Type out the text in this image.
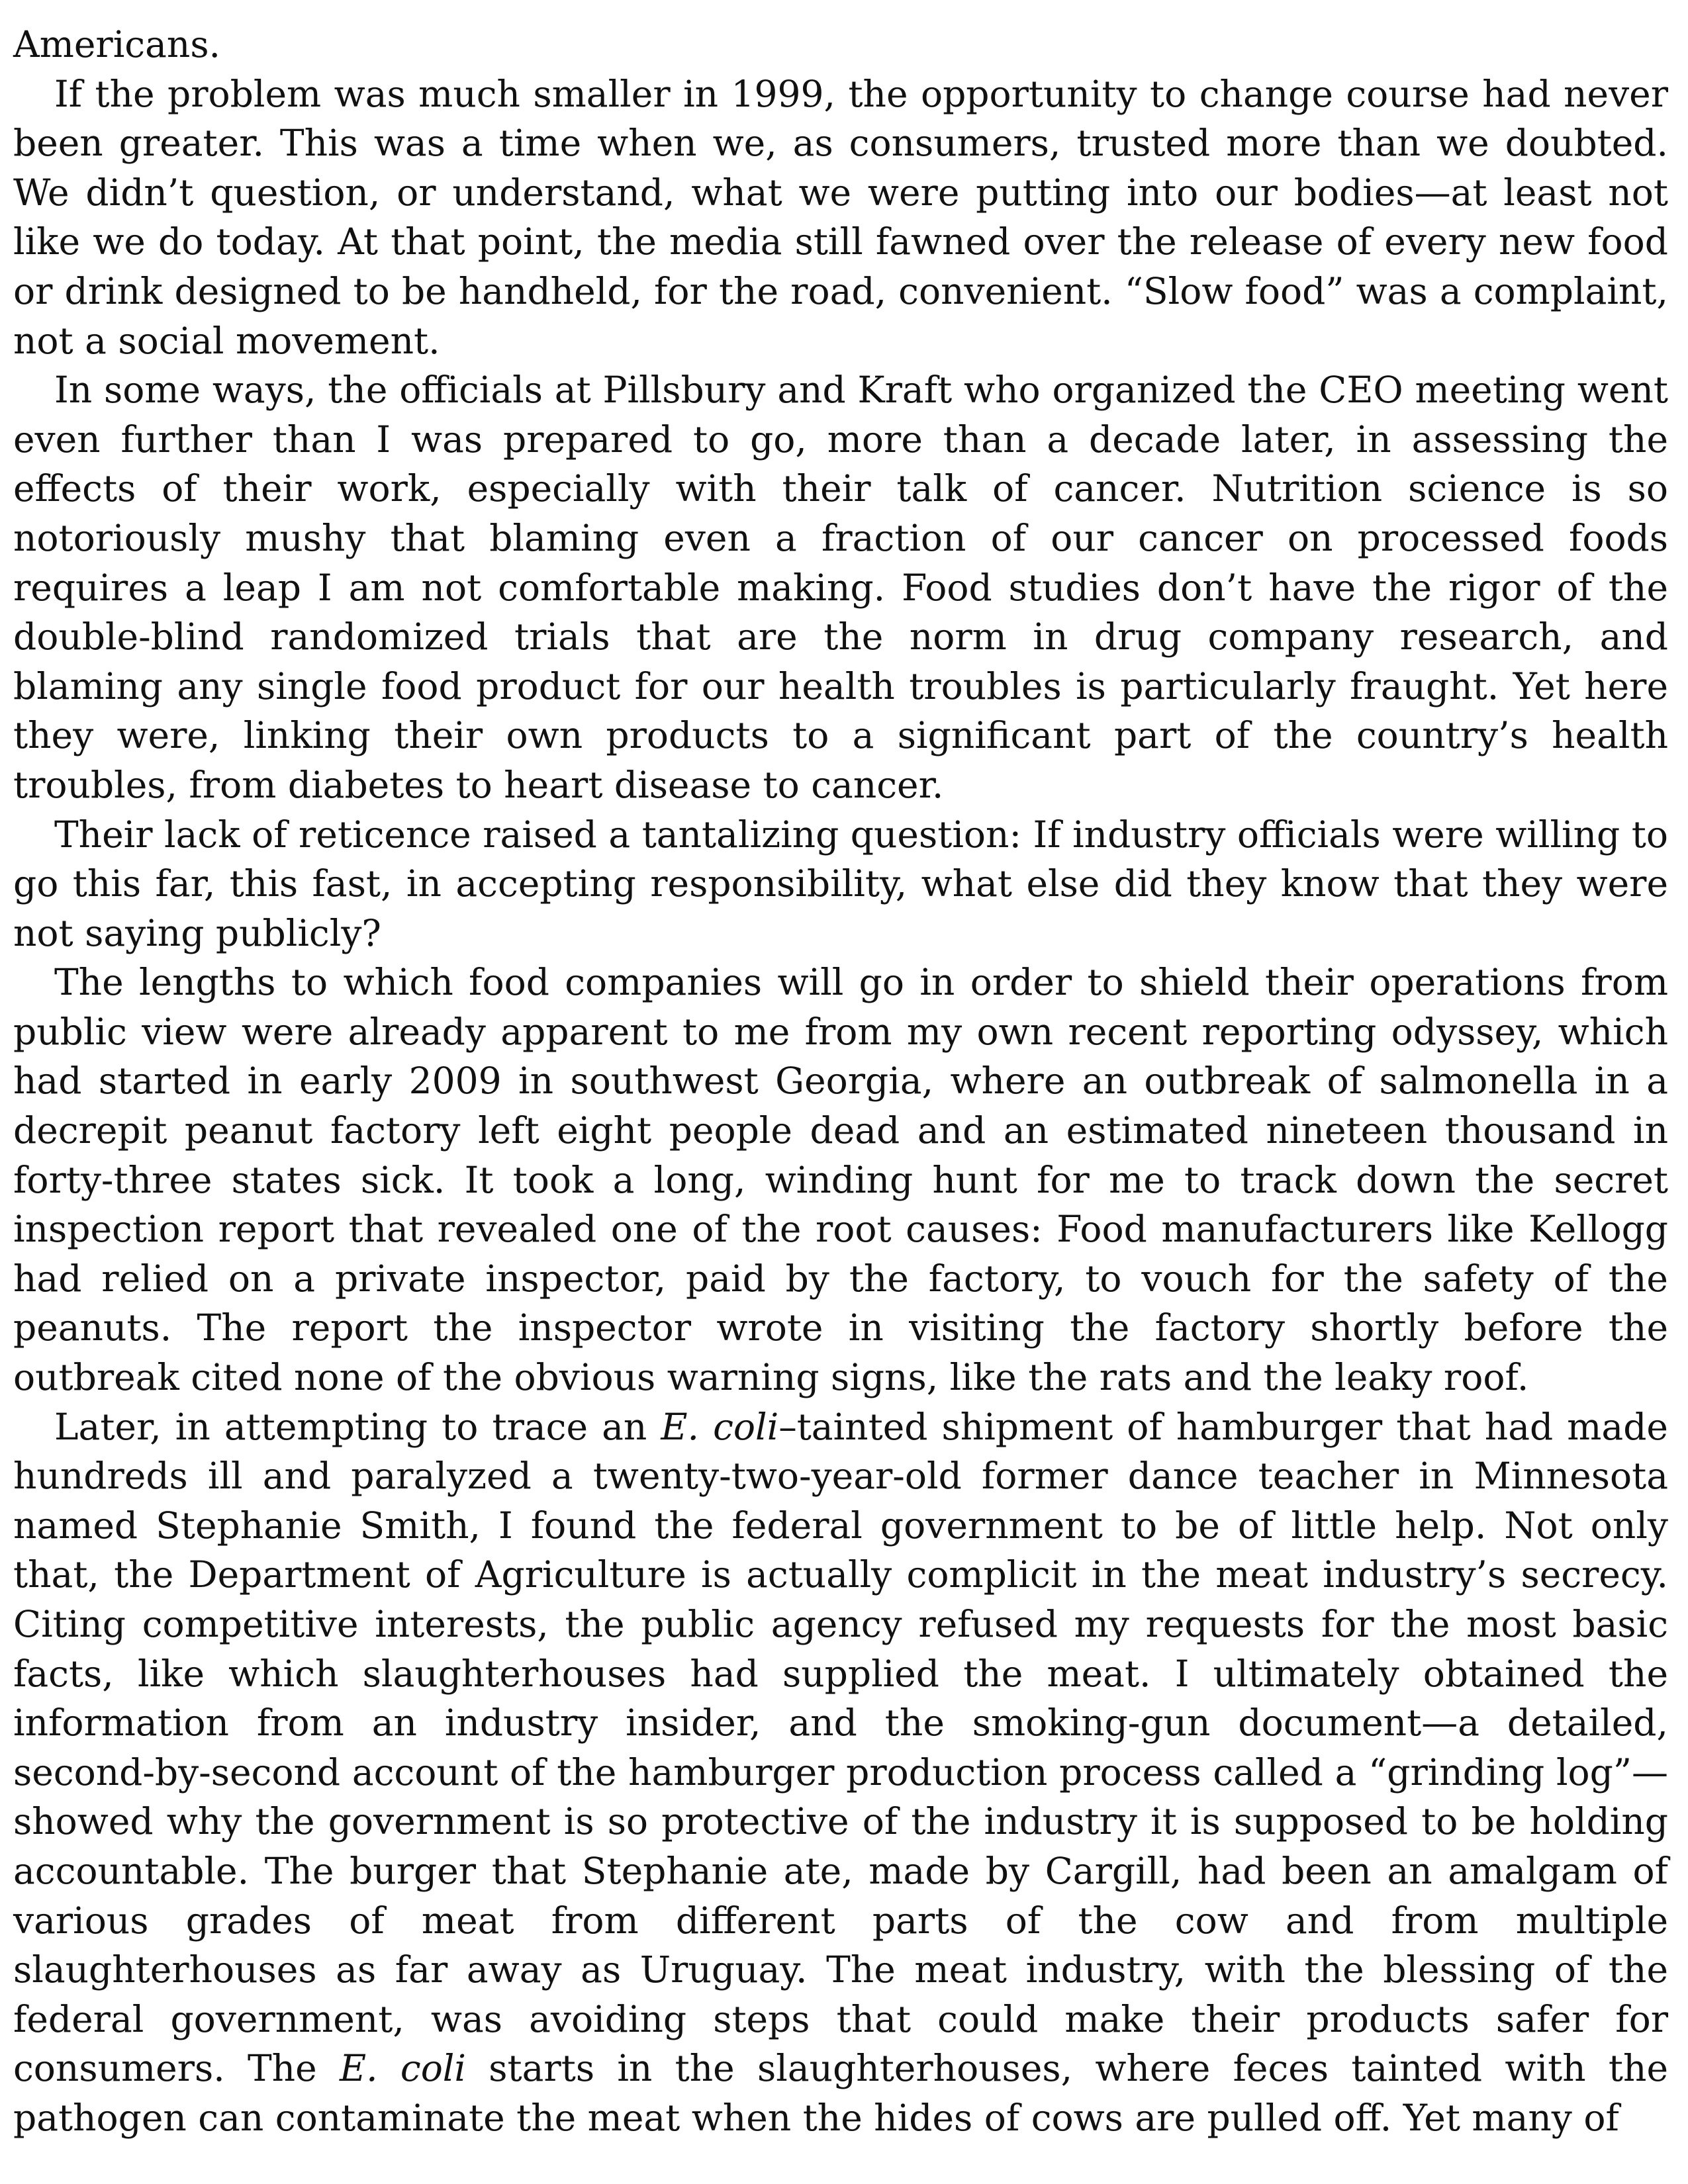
Americans.

If the problem was much smaller in 1999, the opportunity to change course had never been greater. This was a time when we, as consumers, trusted more than we doubted. We didn’t question, or understand, what we were putting into our bodies—at least not like we do today. At that point, the media still fawned over the release of every new food or drink designed to be handheld, for the road, convenient. “Slow food” was a complaint, not a social movement.

In some ways, the officials at Pillsbury and Kraft who organized the CEO meeting went even further than I was prepared to go, more than a decade later, in assessing the effects of their work, especially with their talk of cancer. Nutrition science is so notoriously mushy that blaming even a fraction of our cancer on processed foods requires a leap I am not comfortable making. Food studies don’t have the rigor of the double-blind randomized trials that are the norm in drug company research, and blaming any single food product for our health troubles is particularly fraught. Yet here they were, linking their own products to a significant part of the country’s health troubles, from diabetes to heart disease to cancer.

Their lack of reticence raised a tantalizing question: If industry officials were willing to go this far, this fast, in accepting responsibility, what else did they know that they were not saying publicly?

The lengths to which food companies will go in order to shield their operations from public view were already apparent to me from my own recent reporting odyssey, which had started in early 2009 in southwest Georgia, where an outbreak of salmonella in a decrepit peanut factory left eight people dead and an estimated nineteen thousand in forty-three states sick. It took a long, winding hunt for me to track down the secret inspection report that revealed one of the root causes: Food manufacturers like Kellogg had relied on a private inspector, paid by the factory, to vouch for the safety of the peanuts. The report the inspector wrote in visiting the factory shortly before the outbreak cited none of the obvious warning signs, like the rats and the leaky roof.

Later, in attempting to trace an E. coli–tainted shipment of hamburger that had made hundreds ill and paralyzed a twenty-two-year-old former dance teacher in Minnesota named Stephanie Smith, I found the federal government to be of little help. Not only that, the Department of Agriculture is actually complicit in the meat industry’s secrecy. Citing competitive interests, the public agency refused my requests for the most basic facts, like which slaughterhouses had supplied the meat. I ultimately obtained the information from an industry insider, and the smoking-gun document—a detailed, second-by-second account of the hamburger production process called a “grinding log”—showed why the government is so protective of the industry it is supposed to be holding accountable. The burger that Stephanie ate, made by Cargill, had been an amalgam of various grades of meat from different parts of the cow and from multiple slaughterhouses as far away as Uruguay. The meat industry, with the blessing of the federal government, was avoiding steps that could make their products safer for consumers. The E. coli starts in the slaughterhouses, where feces tainted with the pathogen can contaminate the meat when the hides of cows are pulled off. Yet many of
